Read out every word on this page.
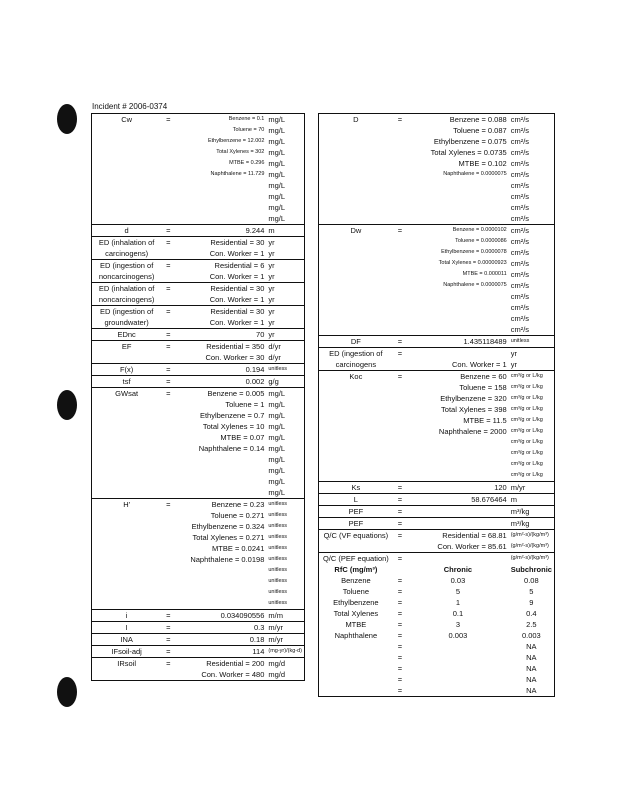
Incident # 2006-0374
Cw	=	Benzene = 0.1	mg/L
		Toluene = 70	mg/L
		Ethylbenzene = 12.002	mg/L
		Total Xylenes = 302	mg/L
		MTBE = 0.296	mg/L
		Naphthalene = 11.729	mg/L
			mg/L
			mg/L
			mg/L
			mg/L
d	=	9.244	m
ED (inhalation of	=	Residential = 30	yr
carcinogens)		Con. Worker = 1	yr
ED (ingestion of	=	Residential = 6	yr
noncarcinogens)		Con. Worker = 1	yr
ED (inhalation of	=	Residential = 30	yr
noncarcinogens)		Con. Worker = 1	yr
ED (ingestion of	=	Residential = 30	yr
groundwater)		Con. Worker = 1	yr
EDnc	=	70	yr
EF	=	Residential = 350	d/yr
		Con. Worker = 30	d/yr
F(x)	=	0.194	unitless
tsf	=	0.002	g/g
GWsat	=	Benzene = 0.005	mg/L
		Toluene = 1	mg/L
		Ethylbenzene = 0.7	mg/L
		Total Xylenes = 10	mg/L
		MTBE = 0.07	mg/L
		Naphthalene = 0.14	mg/L
			mg/L
			mg/L
			mg/L
			mg/L
H'	=	Benzene = 0.23	unitless
		Toluene = 0.271	unitless
		Ethylbenzene = 0.324	unitless
		Total Xylenes = 0.271	unitless
		MTBE = 0.0241	unitless
		Naphthalene = 0.0198	unitless
			unitless
			unitless
			unitless
			unitless
i	=	0.034090556	m/m
I	=	0.3	m/yr
INA	=	0.18	m/yr
IFsoil-adj	=	114	(mg-yr)/(kg-d)
IRsoil	=	Residential = 200	mg/d
		Con. Worker = 480	mg/d
D	=	Benzene = 0.088	cm²/s
		Toluene = 0.087	cm²/s
		Ethylbenzene = 0.075	cm²/s
		Total Xylenes = 0.0735	cm²/s
		MTBE = 0.102	cm²/s
		Naphthalene = 0.0000075	cm²/s
			cm²/s
			cm²/s
			cm²/s
			cm²/s
Dw	=	Benzene = 0.0000102	cm²/s
		Toluene = 0.0000086	cm²/s
		Ethylbenzene = 0.0000078	cm²/s
		Total Xylenes = 0.00000923	cm²/s
		MTBE = 0.000011	cm²/s
		Naphthalene = 0.0000075	cm²/s
			cm²/s
			cm²/s
			cm²/s
			cm²/s
DF	=	1.435118489	unitless
ED (ingestion of	=		yr
carcinogens		Con. Worker = 1	yr
Koc	=	Benzene = 60	cm³/g or L/kg
		Toluene = 158	cm³/g or L/kg
		Ethylbenzene = 320	cm³/g or L/kg
		Total Xylenes = 398	cm³/g or L/kg
		MTBE = 11.5	cm³/g or L/kg
		Naphthalene = 2000	cm³/g or L/kg
			cm³/g or L/kg
			cm³/g or L/kg
			cm³/g or L/kg
			cm³/g or L/kg
Ks	=	120	m/yr
L	=	58.676464	m
PEF	=		m³/kg
PEF	=		m³/kg
Q/C (VF equations)	=	Residential = 68.81	(g/m²-s)/(kg/m³)
		Con. Worker = 85.61	(g/m²-s)/(kg/m³)
Q/C (PEF equation)	=		(g/m²-s)/(kg/m³)
RfC (mg/m³)		Chronic	Subchronic
Benzene	=	0.03	0.08
Toluene	=	5	5
Ethylbenzene	=	1	9
Total Xylenes	=	0.1	0.4
MTBE	=	3	2.5
Naphthalene	=	0.003	0.003
	=		NA
	=		NA
	=		NA
	=		NA
	=		NA
